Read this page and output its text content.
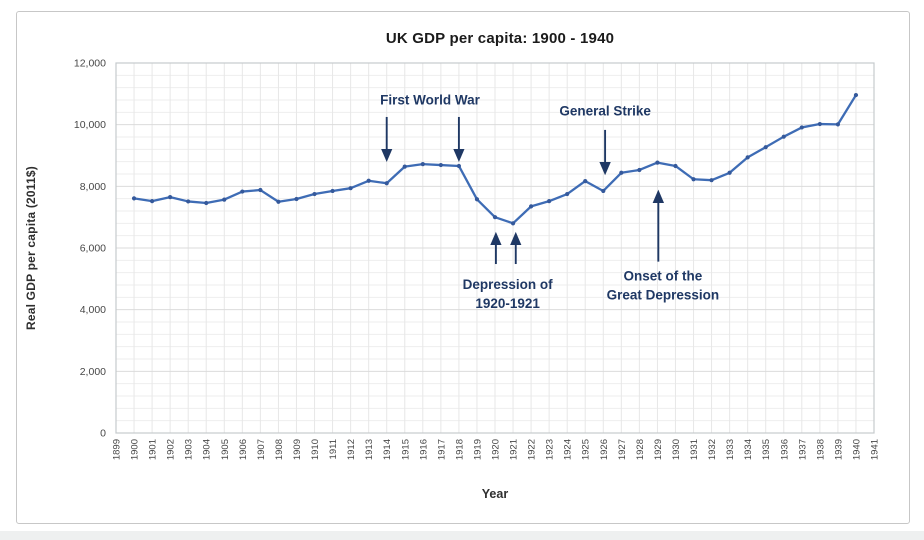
UK GDP per capita: 1900 - 1940
Real GDP per capita (2011$)
Year
0
2,000
4,000
6,000
8,000
10,000
12,000
1899 1900 1901 1902 1903 1904 1905 1906 1907 1908 1909 1910 1911 1912 1913 1914 1915 1916 1917 1918 1919 1920 1921 1922 1923 1924 1925 1926 1927 1928 1929 1930 1931 1932 1933 1934 1935 1936 1937 1938 1939 1940 1941
First World War
General Strike
Depression of 1920-1921
Onset of the Great Depression
